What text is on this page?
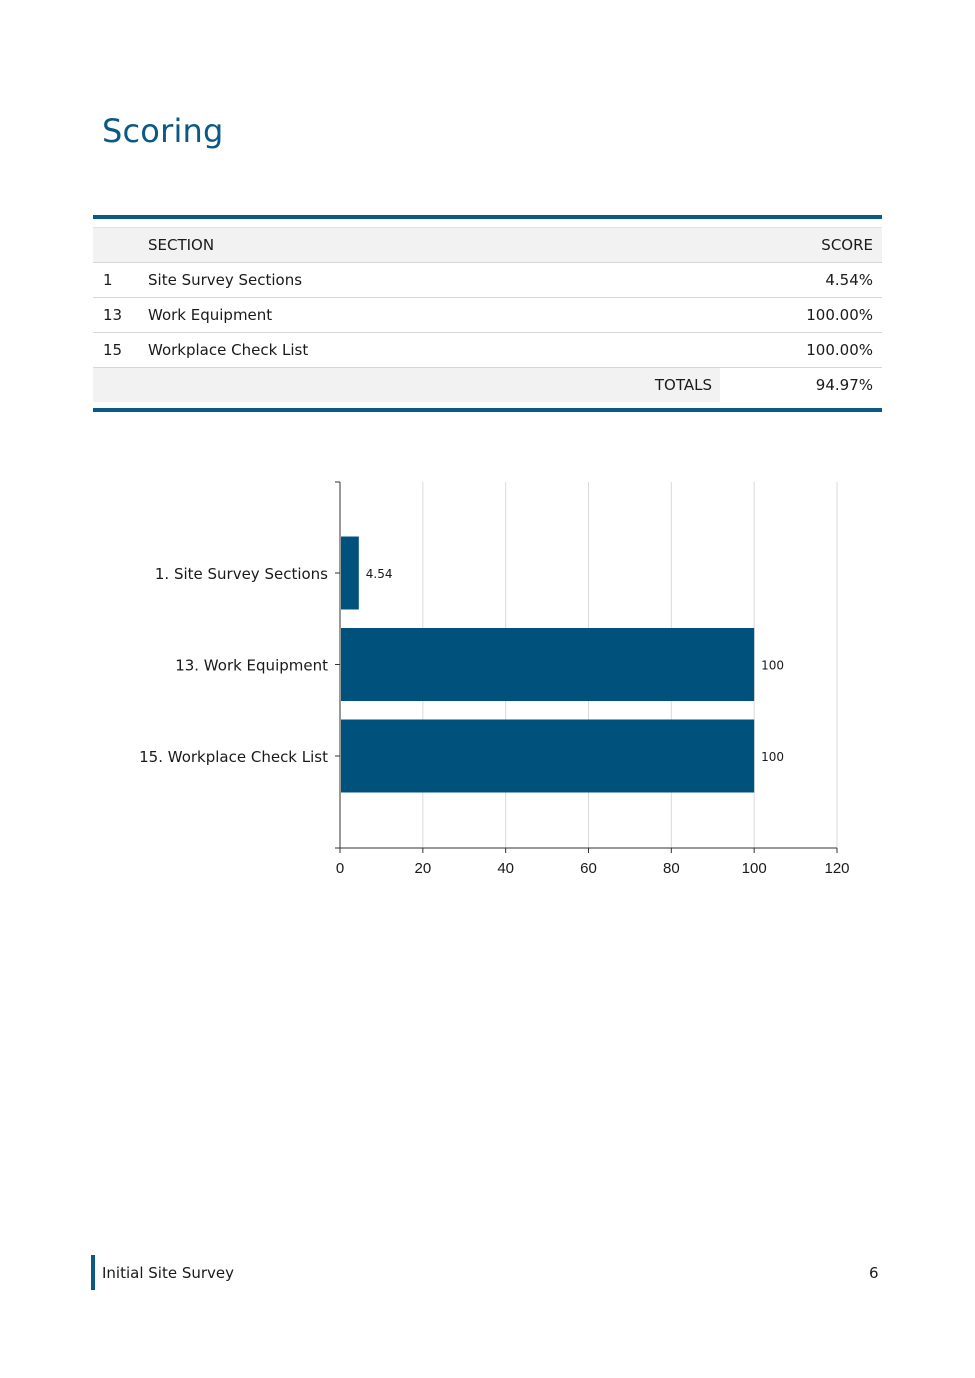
Scoring
SECTION	SCORE
1	Site Survey Sections	4.54%
13	Work Equipment	100.00%
15	Workplace Check List	100.00%
TOTALS	94.97%
0	20	40	60	80	100	120
1. Site Survey Sections	4.54
13. Work Equipment	100
15. Workplace Check List	100
Initial Site Survey	6
